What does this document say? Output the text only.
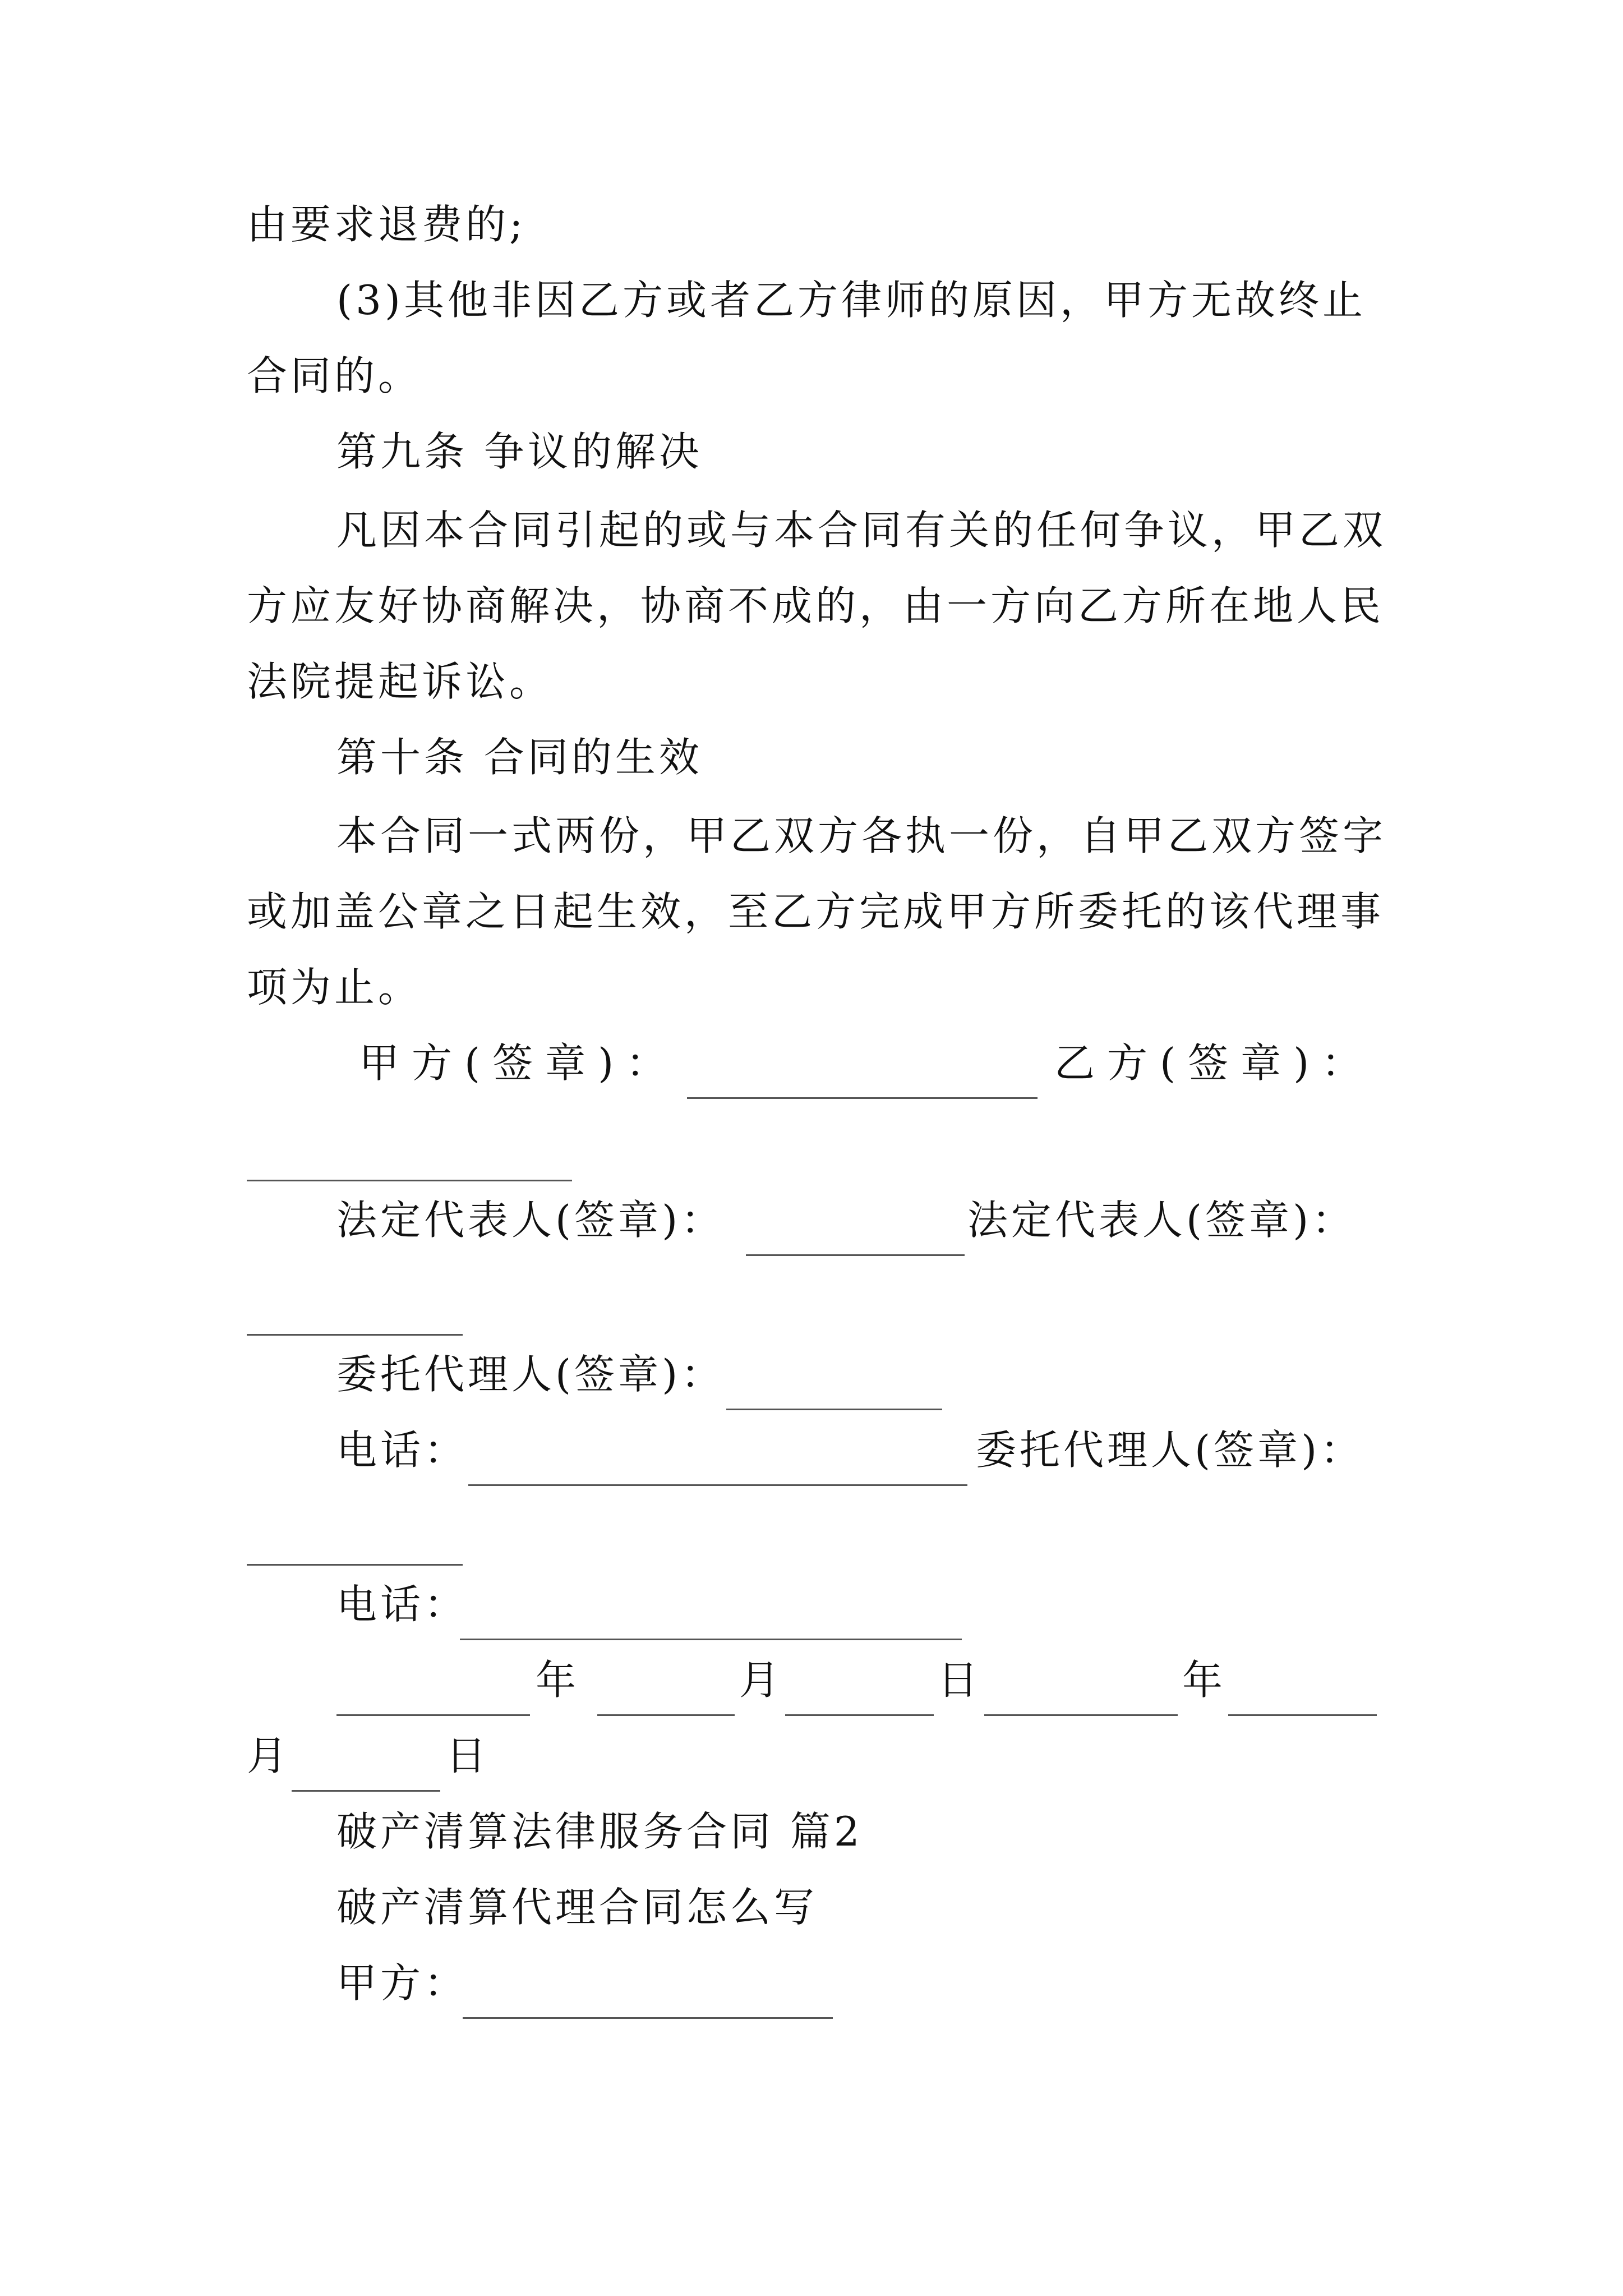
由要求退费的;
(3)其他非因乙方或者乙方律师的原因，甲方无故终止
合同的。
第九条 争议的解决
凡因本合同引起的或与本合同有关的任何争议，甲乙双
方应友好协商解决，协商不成的，由一方向乙方所在地人民
法院提起诉讼。
第十条 合同的生效
本合同一式两份，甲乙双方各执一份，自甲乙双方签字
或加盖公章之日起生效，至乙方完成甲方所委托的该代理事
项为止。
甲方(签章)：	乙方(签章)：
法定代表人(签章)：	法定代表人(签章)：
委托代理人(签章)：
电话：	委托代理人(签章)：
电话：
年	月	日	年
月	日
破产清算法律服务合同 篇2
破产清算代理合同怎么写
甲方：
